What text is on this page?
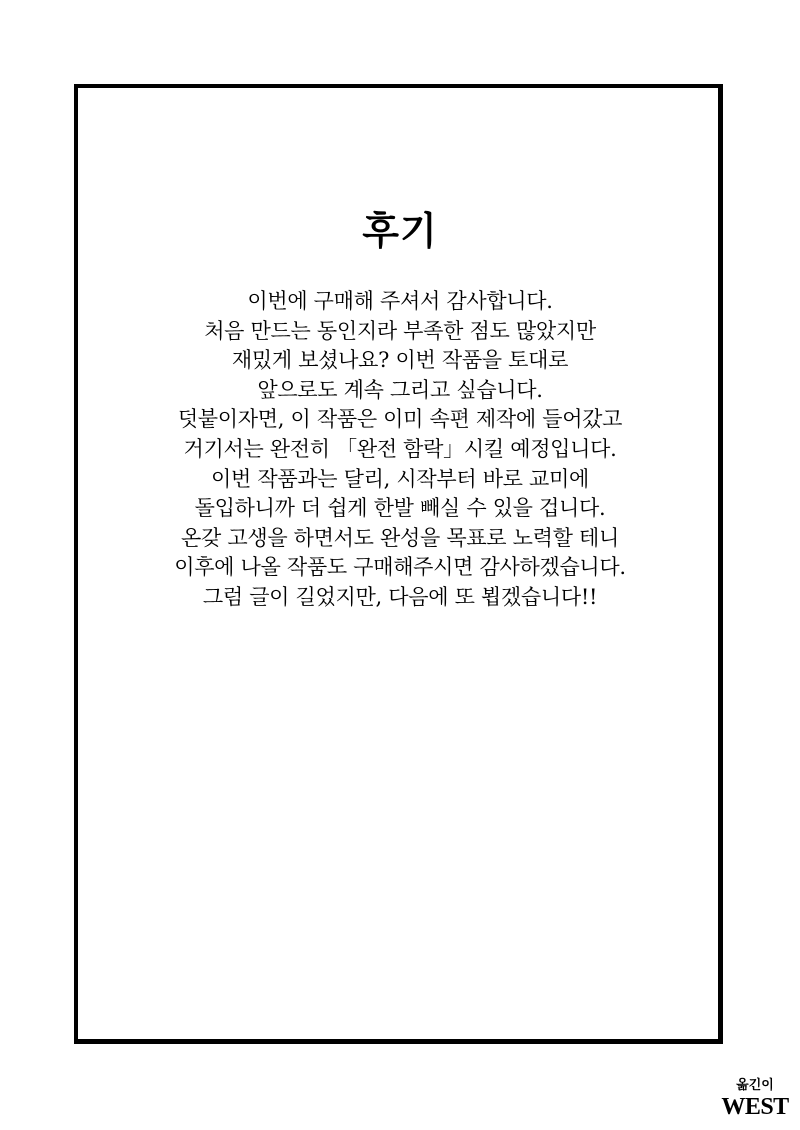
후기
이번에 구매해 주셔서 감사합니다.
처음 만드는 동인지라 부족한 점도 많았지만
재밌게 보셨나요? 이번 작품을 토대로
앞으로도 계속 그리고 싶습니다.
덧붙이자면, 이 작품은 이미 속편 제작에 들어갔고
거기서는 완전히 「완전 함락」시킬 예정입니다.
이번 작품과는 달리, 시작부터 바로 교미에
돌입하니까 더 쉽게 한발 빼실 수 있을 겁니다.
온갖 고생을 하면서도 완성을 목표로 노력할 테니
이후에 나올 작품도 구매해주시면 감사하겠습니다.
그럼 글이 길었지만, 다음에 또 뵙겠습니다!!
옮긴이
WEST
